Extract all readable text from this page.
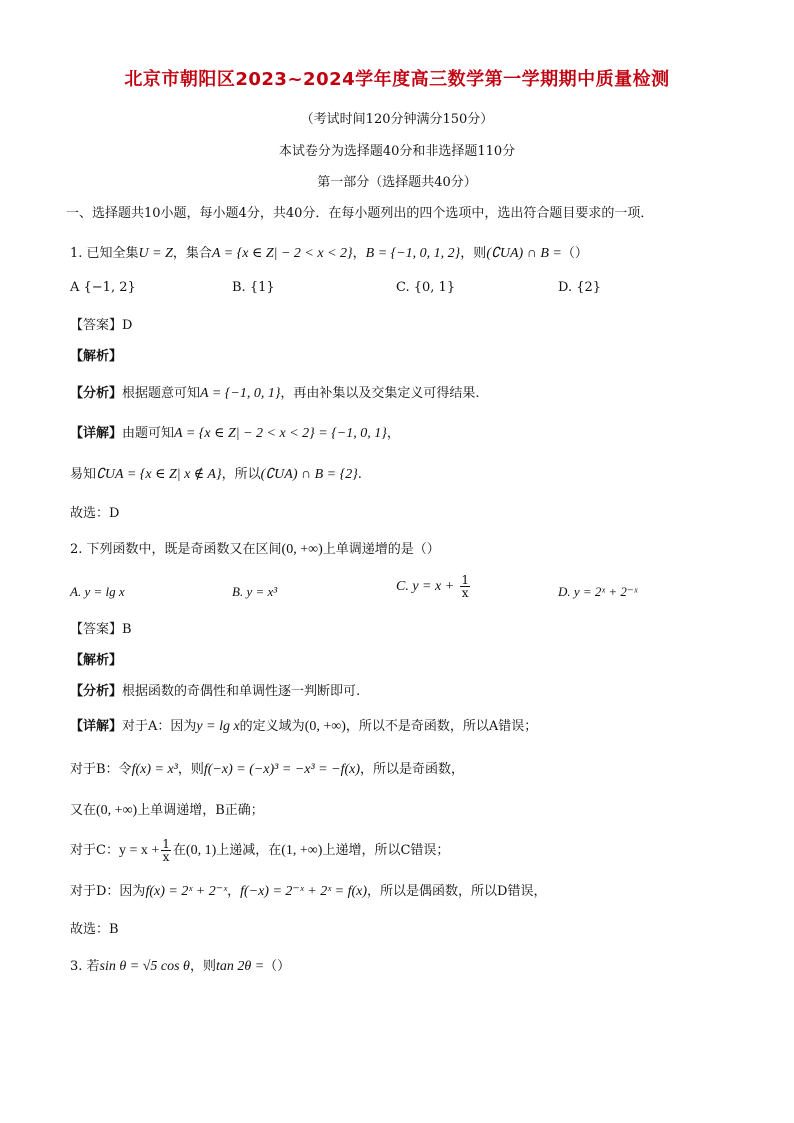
北京市朝阳区2023~2024学年度高三数学第一学期期中质量检测
（考试时间120分钟满分150分）
本试卷分为选择题40分和非选择题110分
第一部分（选择题共40分）
一、选择题共10小题，每小题4分，共40分．在每小题列出的四个选项中，选出符合题目要求的一项．
1. 已知全集U = Z，集合A = {x ∈ Z| − 2 < x < 2}，B = {−1, 0, 1, 2}，则(∁UA) ∩ B =（）
A {−1, 2}	B. {1}	C. {0, 1}	D. {2}
【答案】D
【解析】
【分析】根据题意可知A = {−1, 0, 1}，再由补集以及交集定义可得结果.
【详解】由题可知A = {x ∈ Z| − 2 < x < 2} = {−1, 0, 1}，
易知∁UA = {x ∈ Z| x ∉ A}，所以(∁UA) ∩ B = {2}.
故选：D
2. 下列函数中，既是奇函数又在区间(0, +∞)上单调递增的是（）
A. y = lg x	B. y = x³	C. $y = x + \frac{1}{x}$	D. y = 2ˣ + 2⁻ˣ
【答案】B
【解析】
【分析】根据函数的奇偶性和单调性逐一判断即可.
【详解】对于A：因为y = lg x的定义域为(0, +∞)，所以不是奇函数，所以A错误；
对于B：令f(x) = x³，则f(−x) = (−x)³ = −x³ = −f(x)，所以是奇函数，
又在(0, +∞)上单调递增，B正确；
对于C：$y = x + \frac{1}{x}$ 在(0, 1)上递减，在(1, +∞)上递增，所以C错误；
对于D：因为f(x) = 2ˣ + 2⁻ˣ，f(−x) = 2⁻ˣ + 2ˣ = f(x)，所以是偶函数，所以D错误，
故选：B
3. 若sin θ = √5 cos θ，则tan 2θ =（）
